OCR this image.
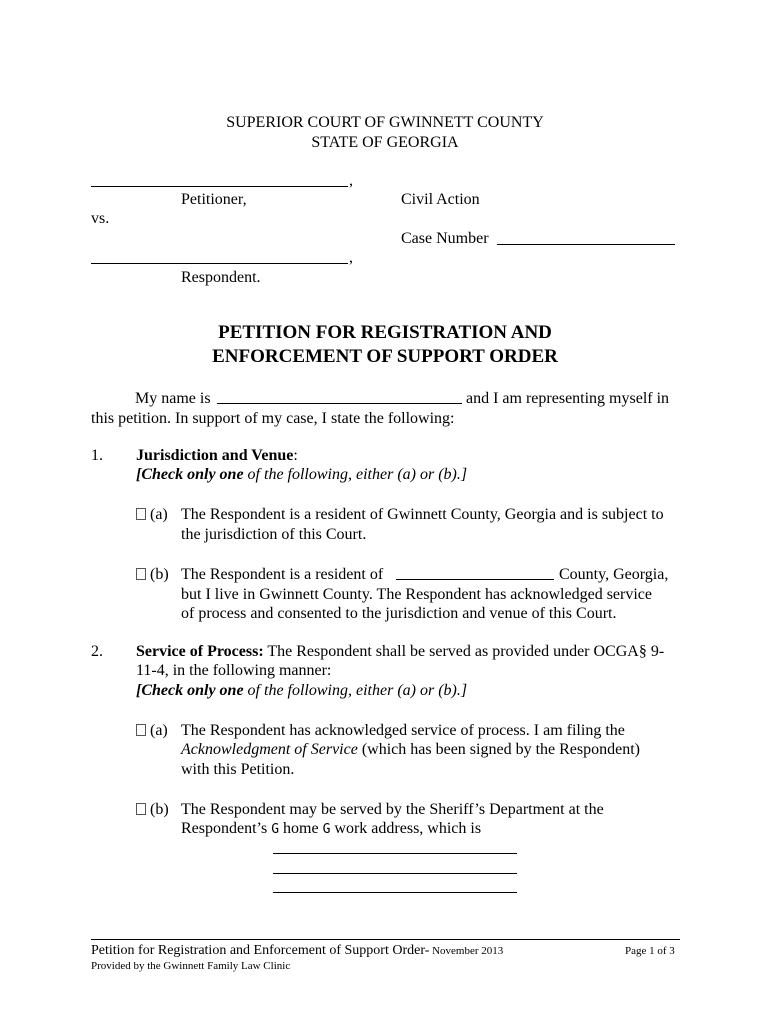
SUPERIOR COURT OF GWINNETT COUNTY
STATE OF GEORGIA
,
Petitioner,	Civil Action
vs.
Case Number
,
Respondent.
PETITION FOR REGISTRATION AND
ENFORCEMENT OF SUPPORT ORDER
My name is	and I am representing myself in
this petition. In support of my case, I state the following:
1. Jurisdiction and Venue:
[Check only one of the following, either (a) or (b).]
(a) The Respondent is a resident of Gwinnett County, Georgia and is subject to
the jurisdiction of this Court.
(b) The Respondent is a resident of	County, Georgia,
but I live in Gwinnett County. The Respondent has acknowledged service
of process and consented to the jurisdiction and venue of this Court.
2. Service of Process: The Respondent shall be served as provided under OCGA§ 9-
11-4, in the following manner:
[Check only one of the following, either (a) or (b).]
(a) The Respondent has acknowledged service of process. I am filing the
Acknowledgment of Service (which has been signed by the Respondent)
with this Petition.
(b) The Respondent may be served by the Sheriff’s Department at the
Respondent’s G home G work address, which is
Petition for Registration and Enforcement of Support Order- November 2013	Page 1 of 3
Provided by the Gwinnett Family Law Clinic
